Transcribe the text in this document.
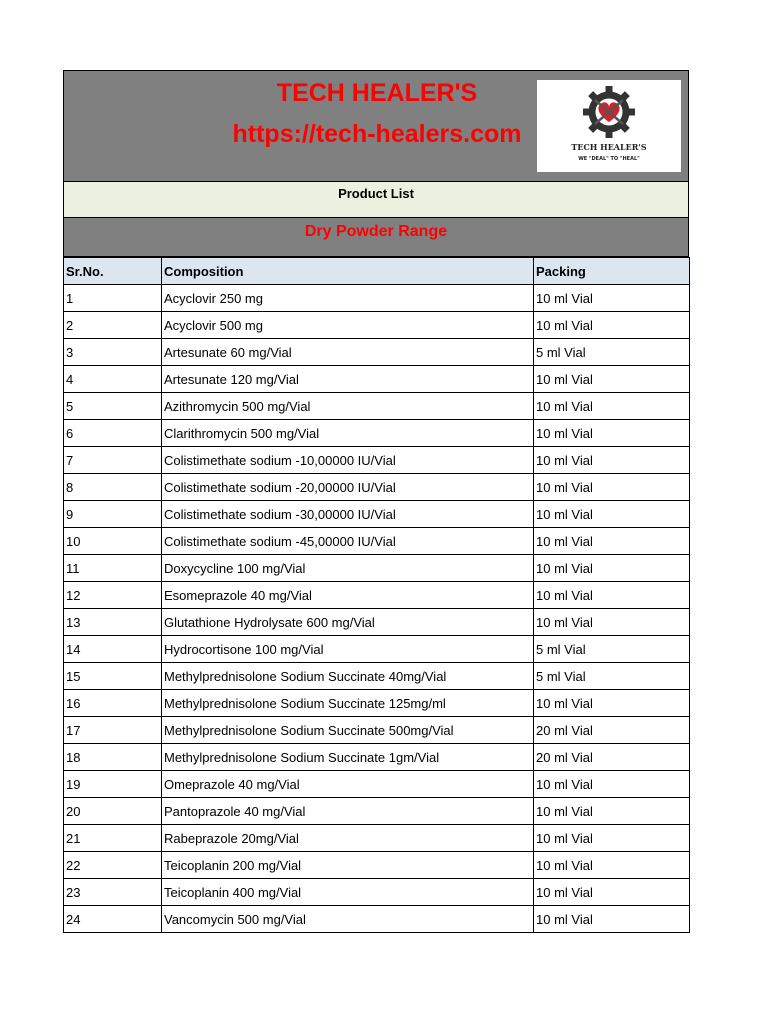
TECH HEALER'S
https://tech-healers.com	TECH HEALER'S
WE "DEAL" TO "HEAL"
Product List
Dry Powder Range
Sr.No.	Composition	Packing
1	Acyclovir 250 mg	10 ml Vial
2	Acyclovir 500 mg	10 ml Vial
3	Artesunate 60 mg/Vial	5 ml Vial
4	Artesunate 120 mg/Vial	10 ml Vial
5	Azithromycin 500 mg/Vial	10 ml Vial
6	Clarithromycin 500 mg/Vial	10 ml Vial
7	Colistimethate sodium -10,00000 IU/Vial	10 ml Vial
8	Colistimethate sodium -20,00000 IU/Vial	10 ml Vial
9	Colistimethate sodium -30,00000 IU/Vial	10 ml Vial
10	Colistimethate sodium -45,00000 IU/Vial	10 ml Vial
11	Doxycycline 100 mg/Vial	10 ml Vial
12	Esomeprazole 40 mg/Vial	10 ml Vial
13	Glutathione Hydrolysate 600 mg/Vial	10 ml Vial
14	Hydrocortisone 100 mg/Vial	5 ml Vial
15	Methylprednisolone Sodium Succinate 40mg/Vial	5 ml Vial
16	Methylprednisolone Sodium Succinate 125mg/ml	10 ml Vial
17	Methylprednisolone Sodium Succinate 500mg/Vial	20 ml Vial
18	Methylprednisolone Sodium Succinate 1gm/Vial	20 ml Vial
19	Omeprazole 40 mg/Vial	10 ml Vial
20	Pantoprazole 40 mg/Vial	10 ml Vial
21	Rabeprazole 20mg/Vial	10 ml Vial
22	Teicoplanin 200 mg/Vial	10 ml Vial
23	Teicoplanin 400 mg/Vial	10 ml Vial
24	Vancomycin 500 mg/Vial	10 ml Vial
